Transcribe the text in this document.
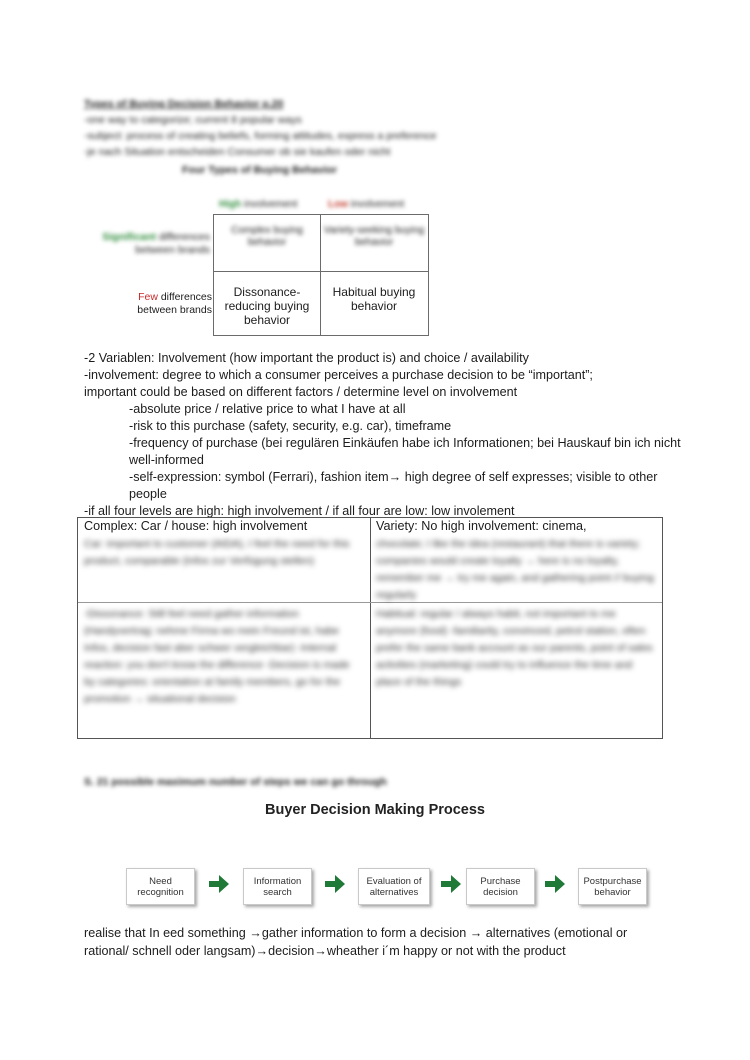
Types of Buying Decision Behavior p.20
-one way to categorize; current 8 popular ways
-subject: process of creating beliefs, forming attitudes, express a preference
-je nach Situation entscheiden Consumer ob sie kaufen oder nicht
Four Types of Buying Behavior
High involvement	Low involvement
Significant differences between brands
Few differences between brands
Complex buying behavior
Variety-seeking buying behavior
Dissonance-reducing buying behavior
Habitual buying behavior
-2 Variablen: Involvement (how important the product is) and choice / availability
-involvement: degree to which a consumer perceives a purchase decision to be “important”;
important could be based on different factors / determine level on involvement
-absolute price / relative price to what I have at all
-risk to this purchase (safety, security, e.g. car), timeframe
-frequency of purchase (bei regulären Einkäufen habe ich Informationen; bei Hauskauf bin ich nicht well-informed
-self-expression: symbol (Ferrari), fashion item→ high degree of self expresses; visible to other people
-if all four levels are high: high involvement / if all four are low: low involement
Complex: Car / house: high involvement	Variety: No high involvement: cinema,
Car: important to customer (AIDA), I feel the need for this product, comparable (Infos zur Verfügung stellen)
chocolate; I like the idea (restaurant) that there is variety; companies would create loyalty → here is no loyalty, remember me → try me again, and gathering point // buying regularly
-Dissonance: Still feel need gather information (Handyvertrag: nehme Firma wo mein Freund ist, habe Infos, decision fast aber schwer vergleichbar) -Internal reaction: you don't know the difference -Decision is made by categories: orientation at family members, go for the promotion → situational decision
Habitual: regular / always habit, not important to me anymore (food) -familiarity, convinced, petrol station, often prefer the same bank account as our parents, point of sales activities (marketing) could try to influence the time and place of the things
S. 21 possible maximum number of steps we can go through
Buyer Decision Making Process
Need recognition
Information search
Evaluation of alternatives
Purchase decision
Postpurchase behavior
realise that In eed something →gather information to form a decision → alternatives (emotional or
rational/ schnell oder langsam)→decision→wheather i´m happy or not with the product
